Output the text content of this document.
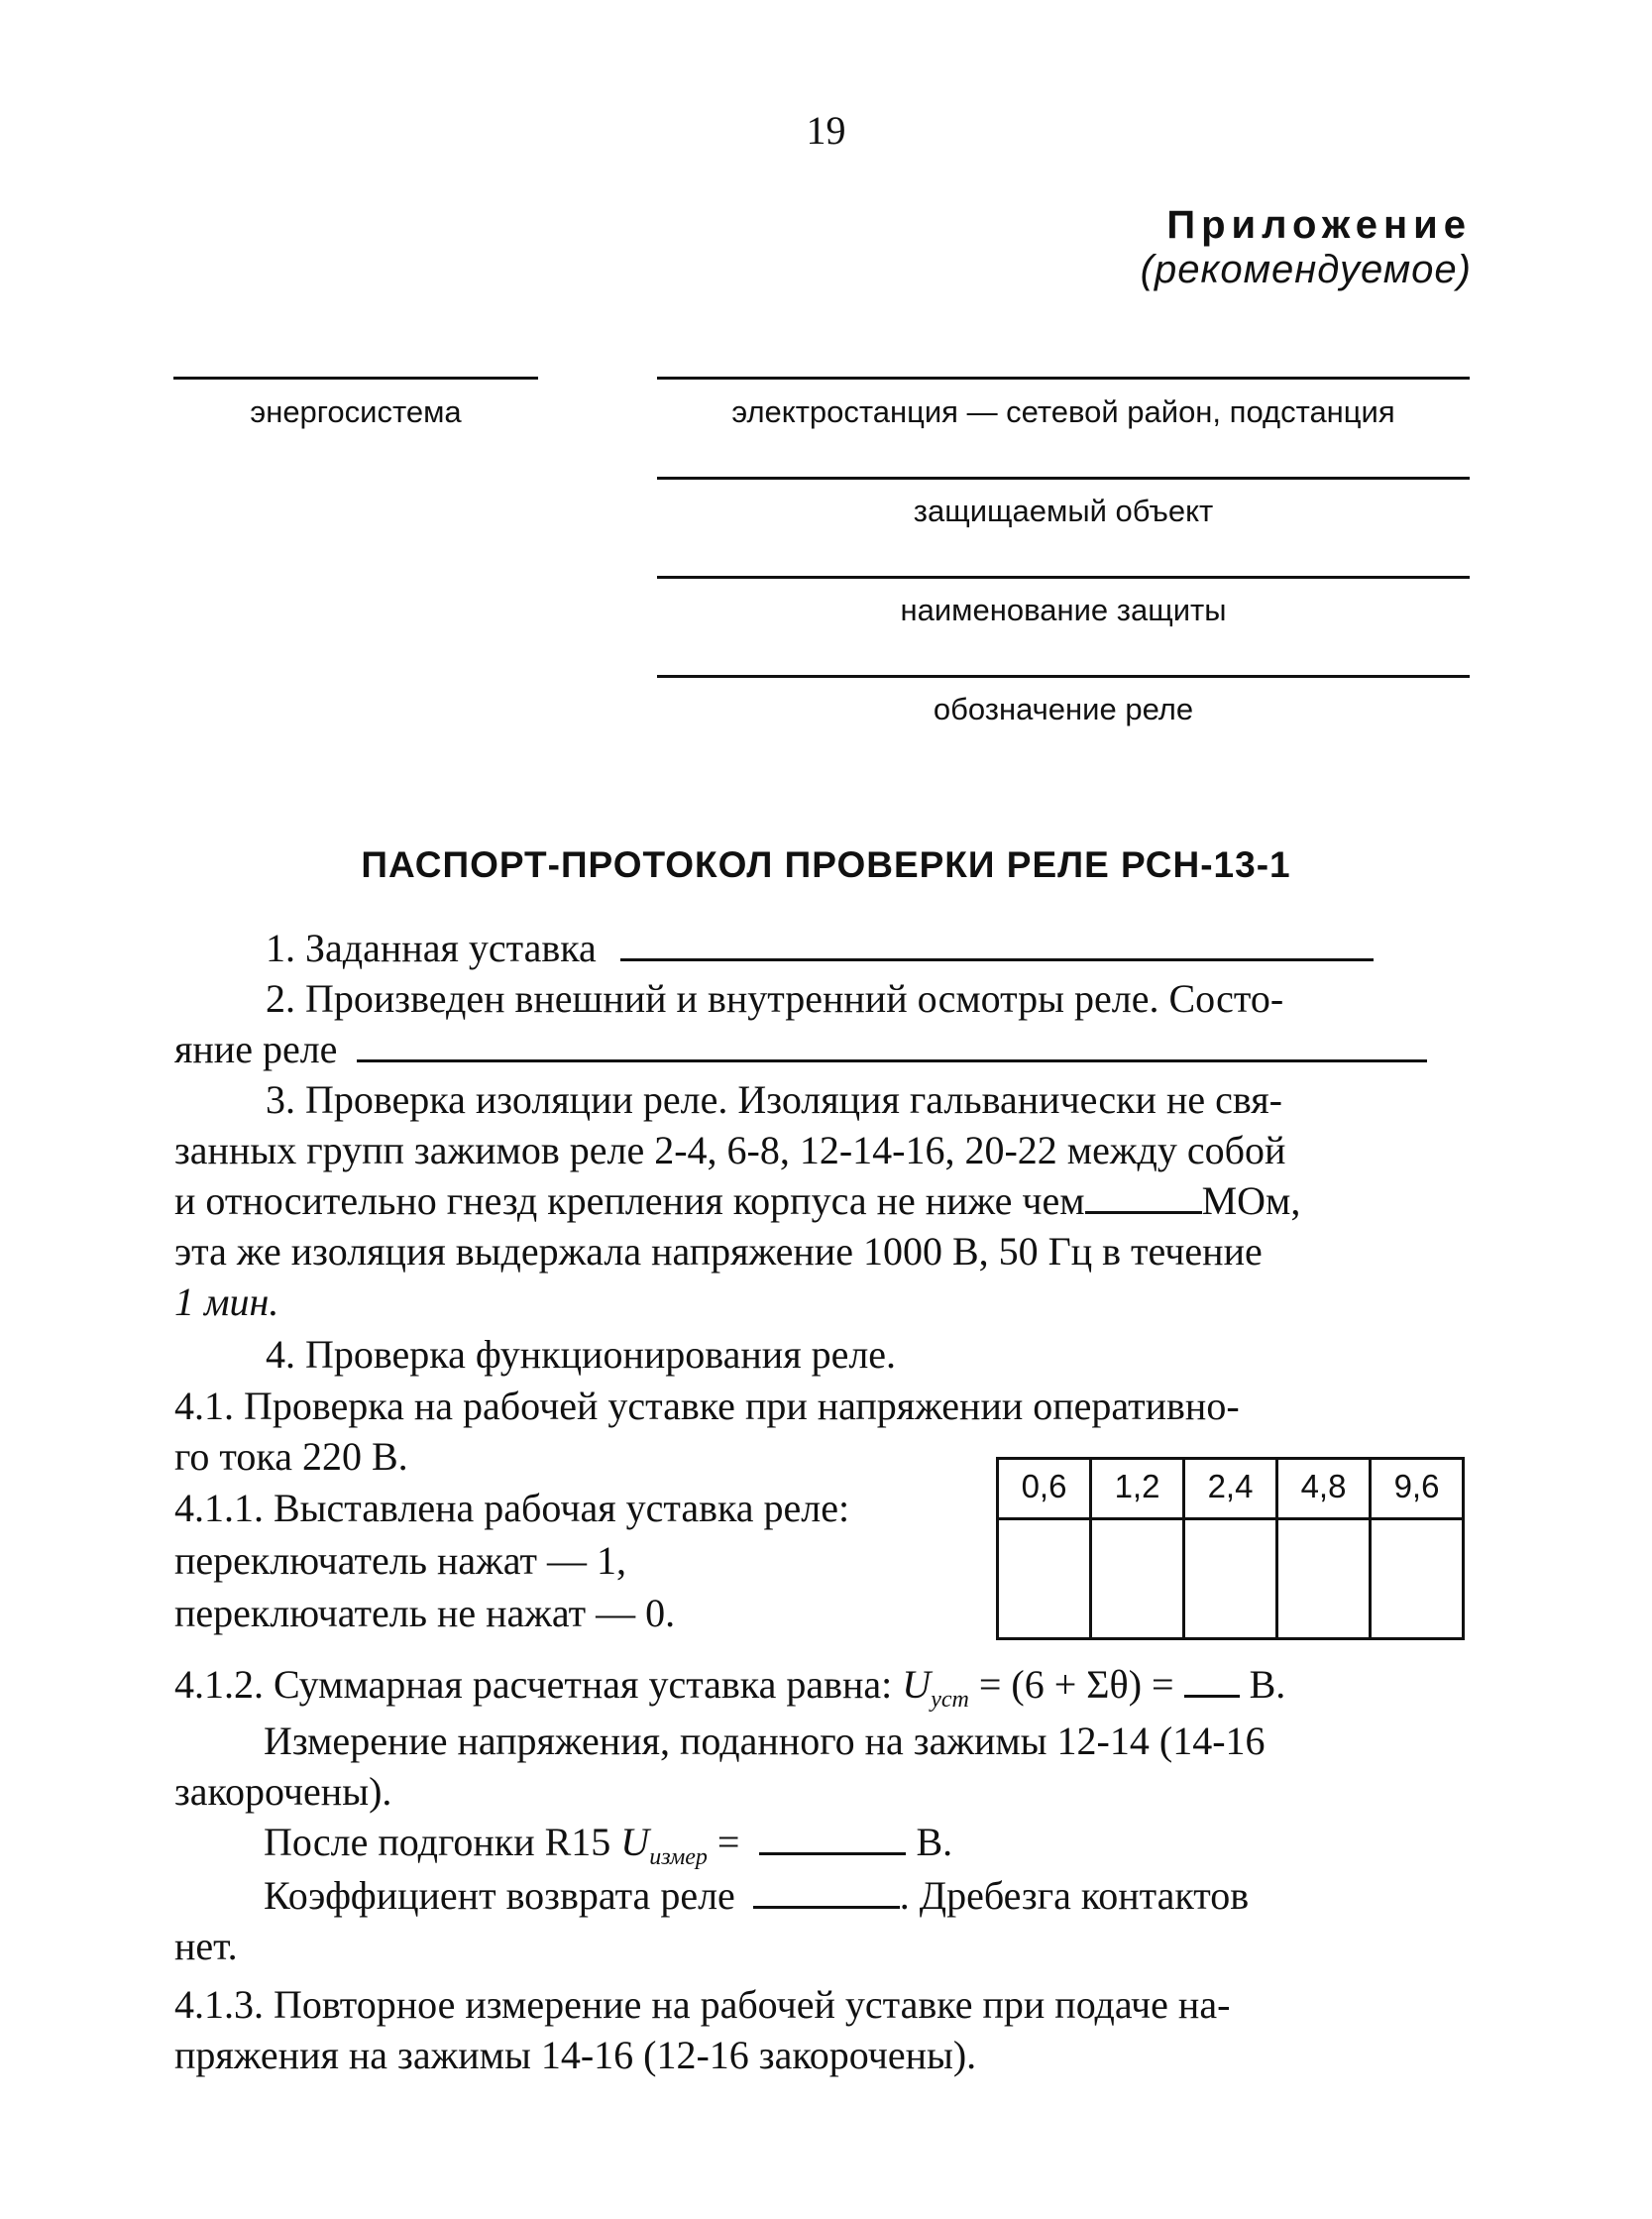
19
Приложение
(рекомендуемое)
энергосистема	электростанция — сетевой район, подстанция
защищаемый объект
наименование защиты
обозначение реле
ПАСПОРТ-ПРОТОКОЛ ПРОВЕРКИ РЕЛЕ РСН-13-1
1. Заданная уставка
2. Произведен внешний и внутренний осмотры реле. Состо-
яние реле
3. Проверка изоляции реле. Изоляция гальванически не свя-
занных групп зажимов реле 2-4, 6-8, 12-14-16, 20-22 между собой
и относительно гнезд крепления корпуса не ниже чем	МОм,
эта же изоляция выдержала напряжение 1000 В, 50 Гц в течение
1 мин.
4. Проверка функционирования реле.
4.1. Проверка на рабочей уставке при напряжении оперативно-
го тока 220 В.
4.1.1. Выставлена рабочая уставка реле:
переключатель нажат — 1,
переключатель не нажат — 0.
0,6	1,2	2,4	4,8	9,6

4.1.2. Суммарная расчетная уставка равна: $U_{уст} = (6 + \Sigma\theta) = В$.
Измерение напряжения, поданного на зажимы 12-14 (14-16
закорочены).
После подгонки R15 $U_{измер}$ =	В.
Коэффициент возврата реле	. Дребезга контактов
нет.
4.1.3. Повторное измерение на рабочей уставке при подаче на-
пряжения на зажимы 14-16 (12-16 закорочены).
